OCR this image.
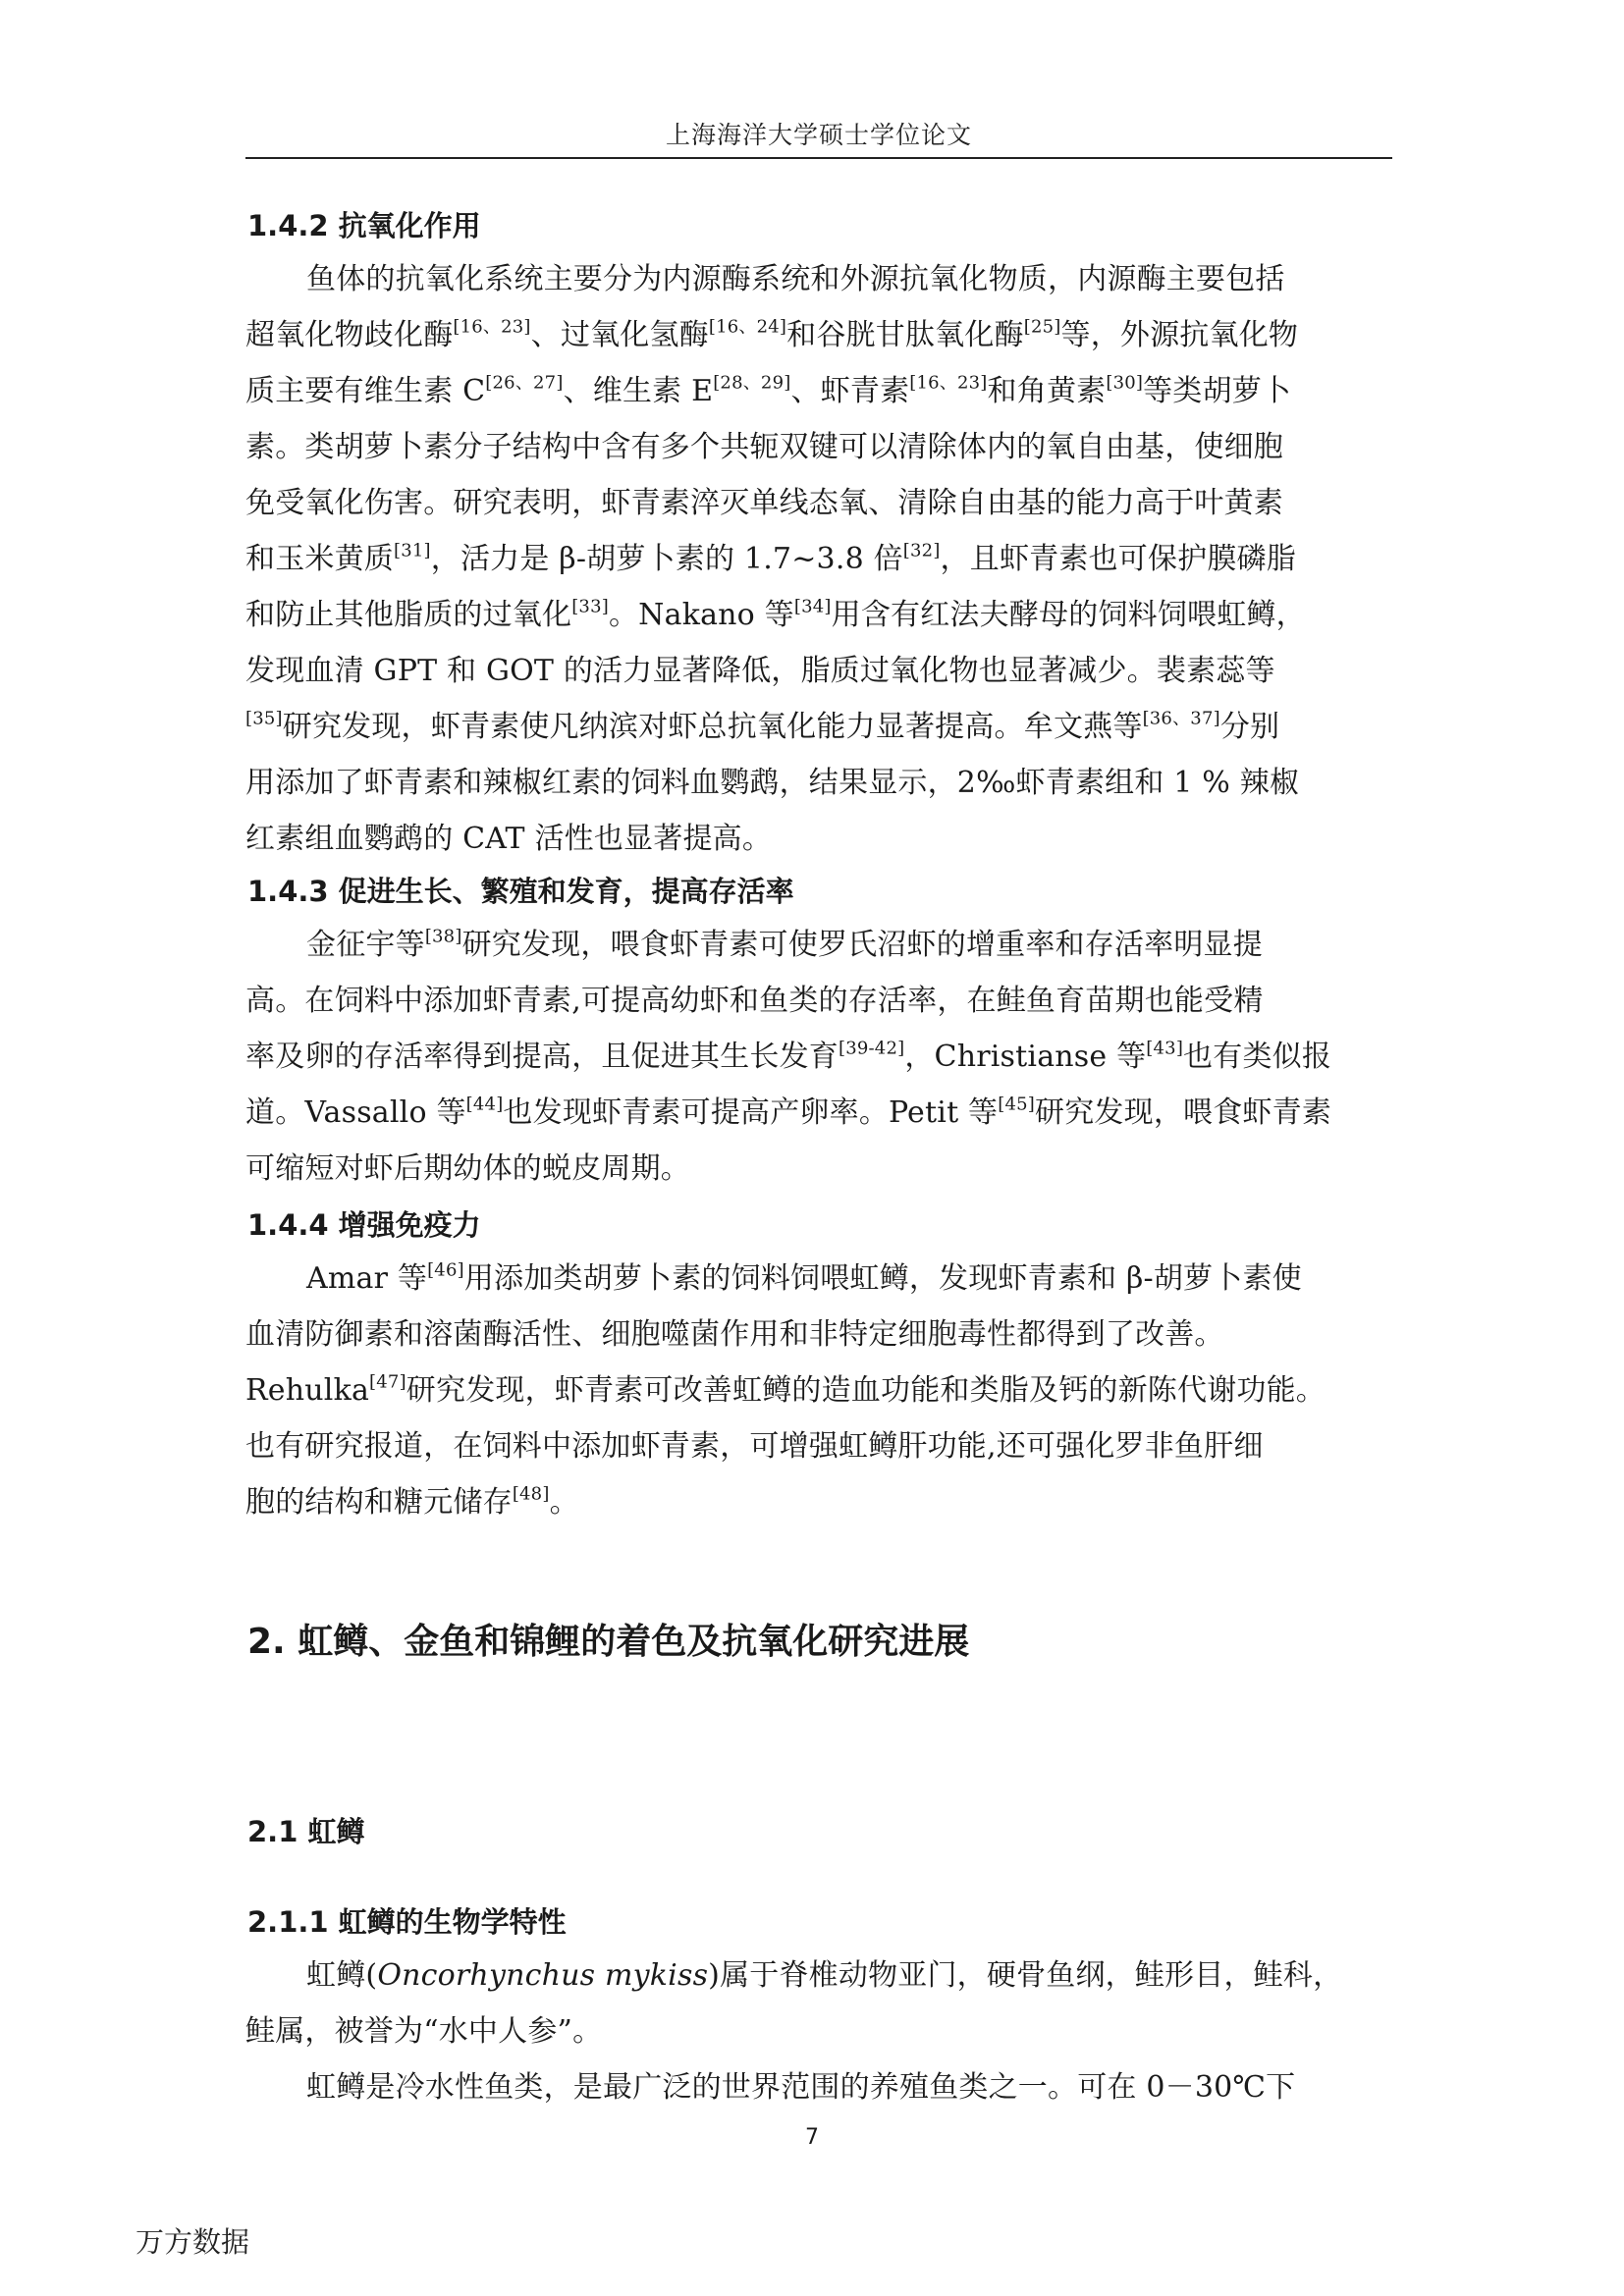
上海海洋大学硕士学位论文
1.4.2 抗氧化作用
鱼体的抗氧化系统主要分为内源酶系统和外源抗氧化物质，内源酶主要包括
超氧化物歧化酶[16、23]、过氧化氢酶[16、24]和谷胱甘肽氧化酶[25]等，外源抗氧化物
质主要有维生素 C[26、27]、维生素 E[28、29]、虾青素[16、23]和角黄素[30]等类胡萝卜
素。类胡萝卜素分子结构中含有多个共轭双键可以清除体内的氧自由基，使细胞
免受氧化伤害。研究表明，虾青素淬灭单线态氧、清除自由基的能力高于叶黄素
和玉米黄质[31]，活力是 β-胡萝卜素的 1.7~3.8 倍[32]，且虾青素也可保护膜磷脂
和防止其他脂质的过氧化[33]。Nakano 等[34]用含有红法夫酵母的饲料饲喂虹鳟，
发现血清 GPT 和 GOT 的活力显著降低，脂质过氧化物也显著减少。裴素蕊等
[35]研究发现，虾青素使凡纳滨对虾总抗氧化能力显著提高。牟文燕等[36、37]分别
用添加了虾青素和辣椒红素的饲料血鹦鹉，结果显示，2‰虾青素组和 1 % 辣椒
红素组血鹦鹉的 CAT 活性也显著提高。
1.4.3 促进生长、繁殖和发育，提高存活率
金征宇等[38]研究发现，喂食虾青素可使罗氏沼虾的增重率和存活率明显提
高。在饲料中添加虾青素,可提高幼虾和鱼类的存活率，在鲑鱼育苗期也能受精
率及卵的存活率得到提高，且促进其生长发育[39-42]，Christianse 等[43]也有类似报
道。Vassallo 等[44]也发现虾青素可提高产卵率。Petit 等[45]研究发现，喂食虾青素
可缩短对虾后期幼体的蜕皮周期。
1.4.4 增强免疫力
Amar 等[46]用添加类胡萝卜素的饲料饲喂虹鳟，发现虾青素和 β-胡萝卜素使
血清防御素和溶菌酶活性、细胞噬菌作用和非特定细胞毒性都得到了改善。
Rehulka[47]研究发现，虾青素可改善虹鳟的造血功能和类脂及钙的新陈代谢功能。
也有研究报道，在饲料中添加虾青素，可增强虹鳟肝功能,还可强化罗非鱼肝细
胞的结构和糖元储存[48]。
2. 虹鳟、金鱼和锦鲤的着色及抗氧化研究进展
2.1 虹鳟
2.1.1 虹鳟的生物学特性
虹鳟(Oncorhynchus mykiss)属于脊椎动物亚门，硬骨鱼纲，鲑形目，鲑科，
鲑属，被誉为“水中人参”。
虹鳟是冷水性鱼类，是最广泛的世界范围的养殖鱼类之一。可在 0－30℃下
7
万方数据
